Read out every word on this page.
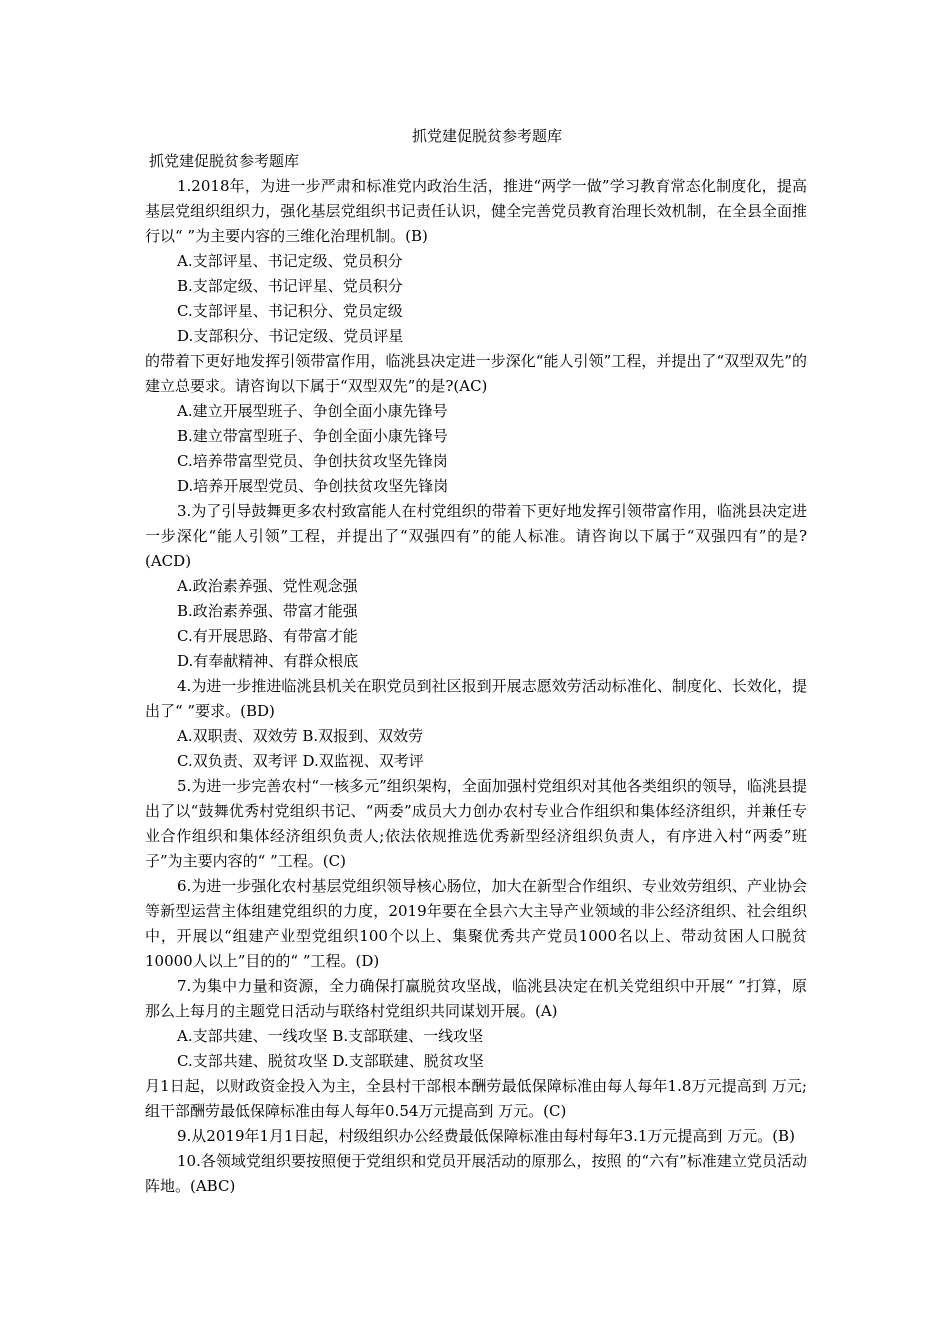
抓党建促脱贫参考题库

抓党建促脱贫参考题库

1.2018年，为进一步严肃和标准党内政治生活，推进“两学一做”学习教育常态化制度化，提高基层党组织组织力，强化基层党组织书记责任认识，健全完善党员教育治理长效机制，在全县全面推行以“ ”为主要内容的三维化治理机制。(B)

A.支部评星、书记定级、党员积分

B.支部定级、书记评星、党员积分

C.支部评星、书记积分、党员定级

D.支部积分、书记定级、党员评星

的带着下更好地发挥引领带富作用，临洮县决定进一步深化“能人引领”工程，并提出了“双型双先”的建立总要求。请咨询以下属于“双型双先”的是?(AC)

A.建立开展型班子、争创全面小康先锋号

B.建立带富型班子、争创全面小康先锋号

C.培养带富型党员、争创扶贫攻坚先锋岗

D.培养开展型党员、争创扶贫攻坚先锋岗

3.为了引导鼓舞更多农村致富能人在村党组织的带着下更好地发挥引领带富作用，临洮县决定进一步深化“能人引领”工程，并提出了“双强四有”的能人标准。请咨询以下属于“双强四有”的是?(ACD)

A.政治素养强、党性观念强

B.政治素养强、带富才能强

C.有开展思路、有带富才能

D.有奉献精神、有群众根底

4.为进一步推进临洮县机关在职党员到社区报到开展志愿效劳活动标准化、制度化、长效化，提出了“ ”要求。(BD)

A.双职责、双效劳 B.双报到、双效劳

C.双负责、双考评 D.双监视、双考评

5.为进一步完善农村“一核多元”组织架构，全面加强村党组织对其他各类组织的领导，临洮县提出了以“鼓舞优秀村党组织书记、“两委”成员大力创办农村专业合作组织和集体经济组织，并兼任专业合作组织和集体经济组织负责人;依法依规推选优秀新型经济组织负责人，有序进入村“两委”班子”为主要内容的“ ”工程。(C)

6.为进一步强化农村基层党组织领导核心肠位，加大在新型合作组织、专业效劳组织、产业协会等新型运营主体组建党组织的力度，2019年要在全县六大主导产业领域的非公经济组织、社会组织中，开展以“组建产业型党组织100个以上、集聚优秀共产党员1000名以上、带动贫困人口脱贫10000人以上”目的的“ ”工程。(D)

7.为集中力量和资源，全力确保打赢脱贫攻坚战，临洮县决定在机关党组织中开展“ ”打算，原那么上每月的主题党日活动与联络村党组织共同谋划开展。(A)

A.支部共建、一线攻坚 B.支部联建、一线攻坚

C.支部共建、脱贫攻坚 D.支部联建、脱贫攻坚

月1日起，以财政资金投入为主，全县村干部根本酬劳最低保障标准由每人每年1.8万元提高到 万元;组干部酬劳最低保障标准由每人每年0.54万元提高到 万元。(C)

9.从2019年1月1日起，村级组织办公经费最低保障标准由每村每年3.1万元提高到 万元。(B)

10.各领域党组织要按照便于党组织和党员开展活动的原那么，按照 的“六有”标准建立党员活动阵地。(ABC)
